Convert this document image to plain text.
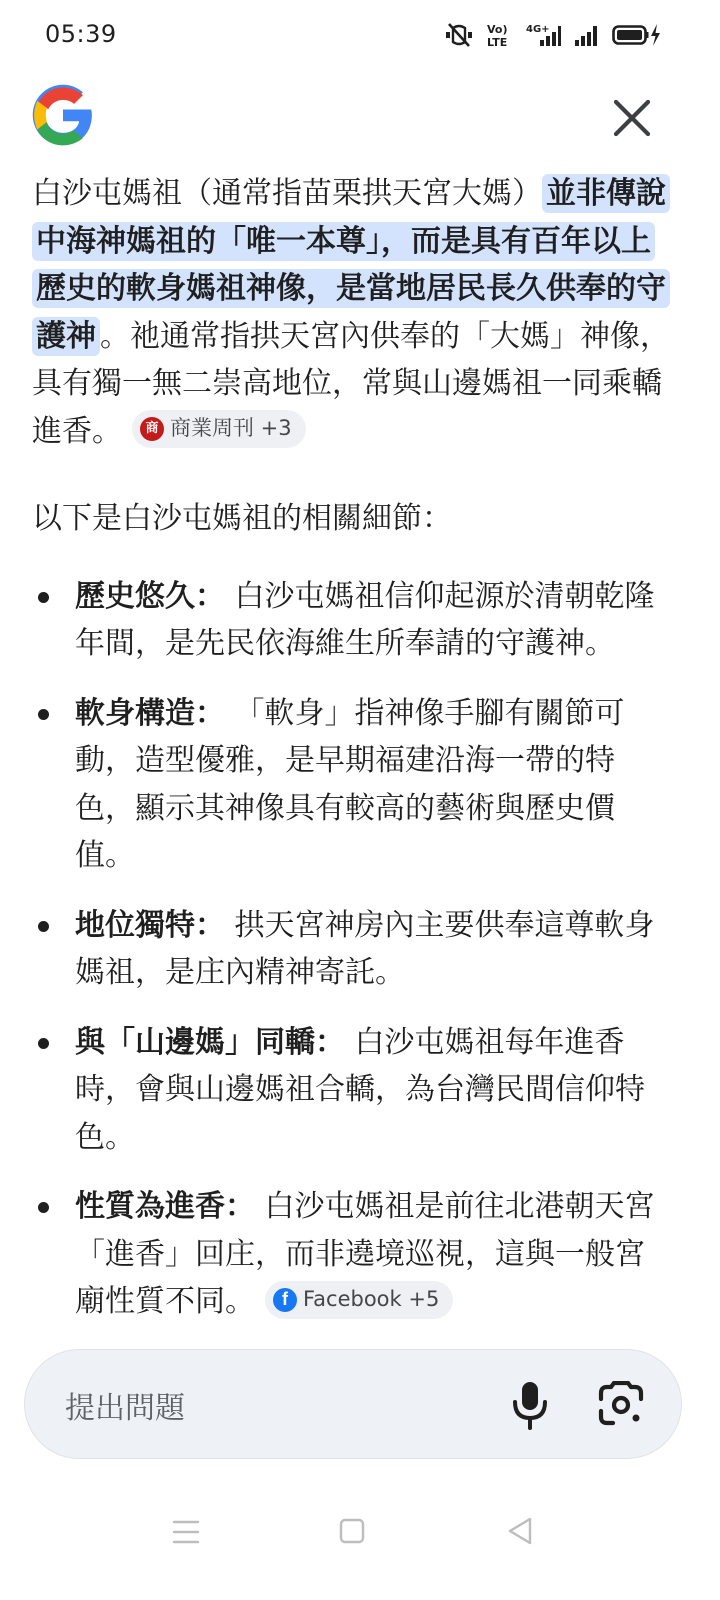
05:39	Vo)
LTE
4G+

白沙屯媽祖（通常指苗栗拱天宮大媽） 並非傳說中海神媽祖的「唯一本尊」，而是具有百年以上歷史的軟身媽祖神像，是當地居民長久供奉的守護神 。祂通常指拱天宮內供奉的「大媽」神像，具有獨一無二崇高地位，常與山邊媽祖一同乘轎進香。	商 商業周刊 +3

以下是白沙屯媽祖的相關細節：

歷史悠久： 白沙屯媽祖信仰起源於清朝乾隆年間，是先民依海維生所奉請的守護神。
軟身構造： 「軟身」指神像手腳有關節可動，造型優雅，是早期福建沿海一帶的特色，顯示其神像具有較高的藝術與歷史價值。
地位獨特： 拱天宮神房內主要供奉這尊軟身媽祖，是庄內精神寄託。
與「山邊媽」同轎： 白沙屯媽祖每年進香時，會與山邊媽祖合轎，為台灣民間信仰特色。
性質為進香： 白沙屯媽祖是前往北港朝天宮「進香」回庄，而非遶境巡視，這與一般宮廟性質不同。	f Facebook +5
提出問題
